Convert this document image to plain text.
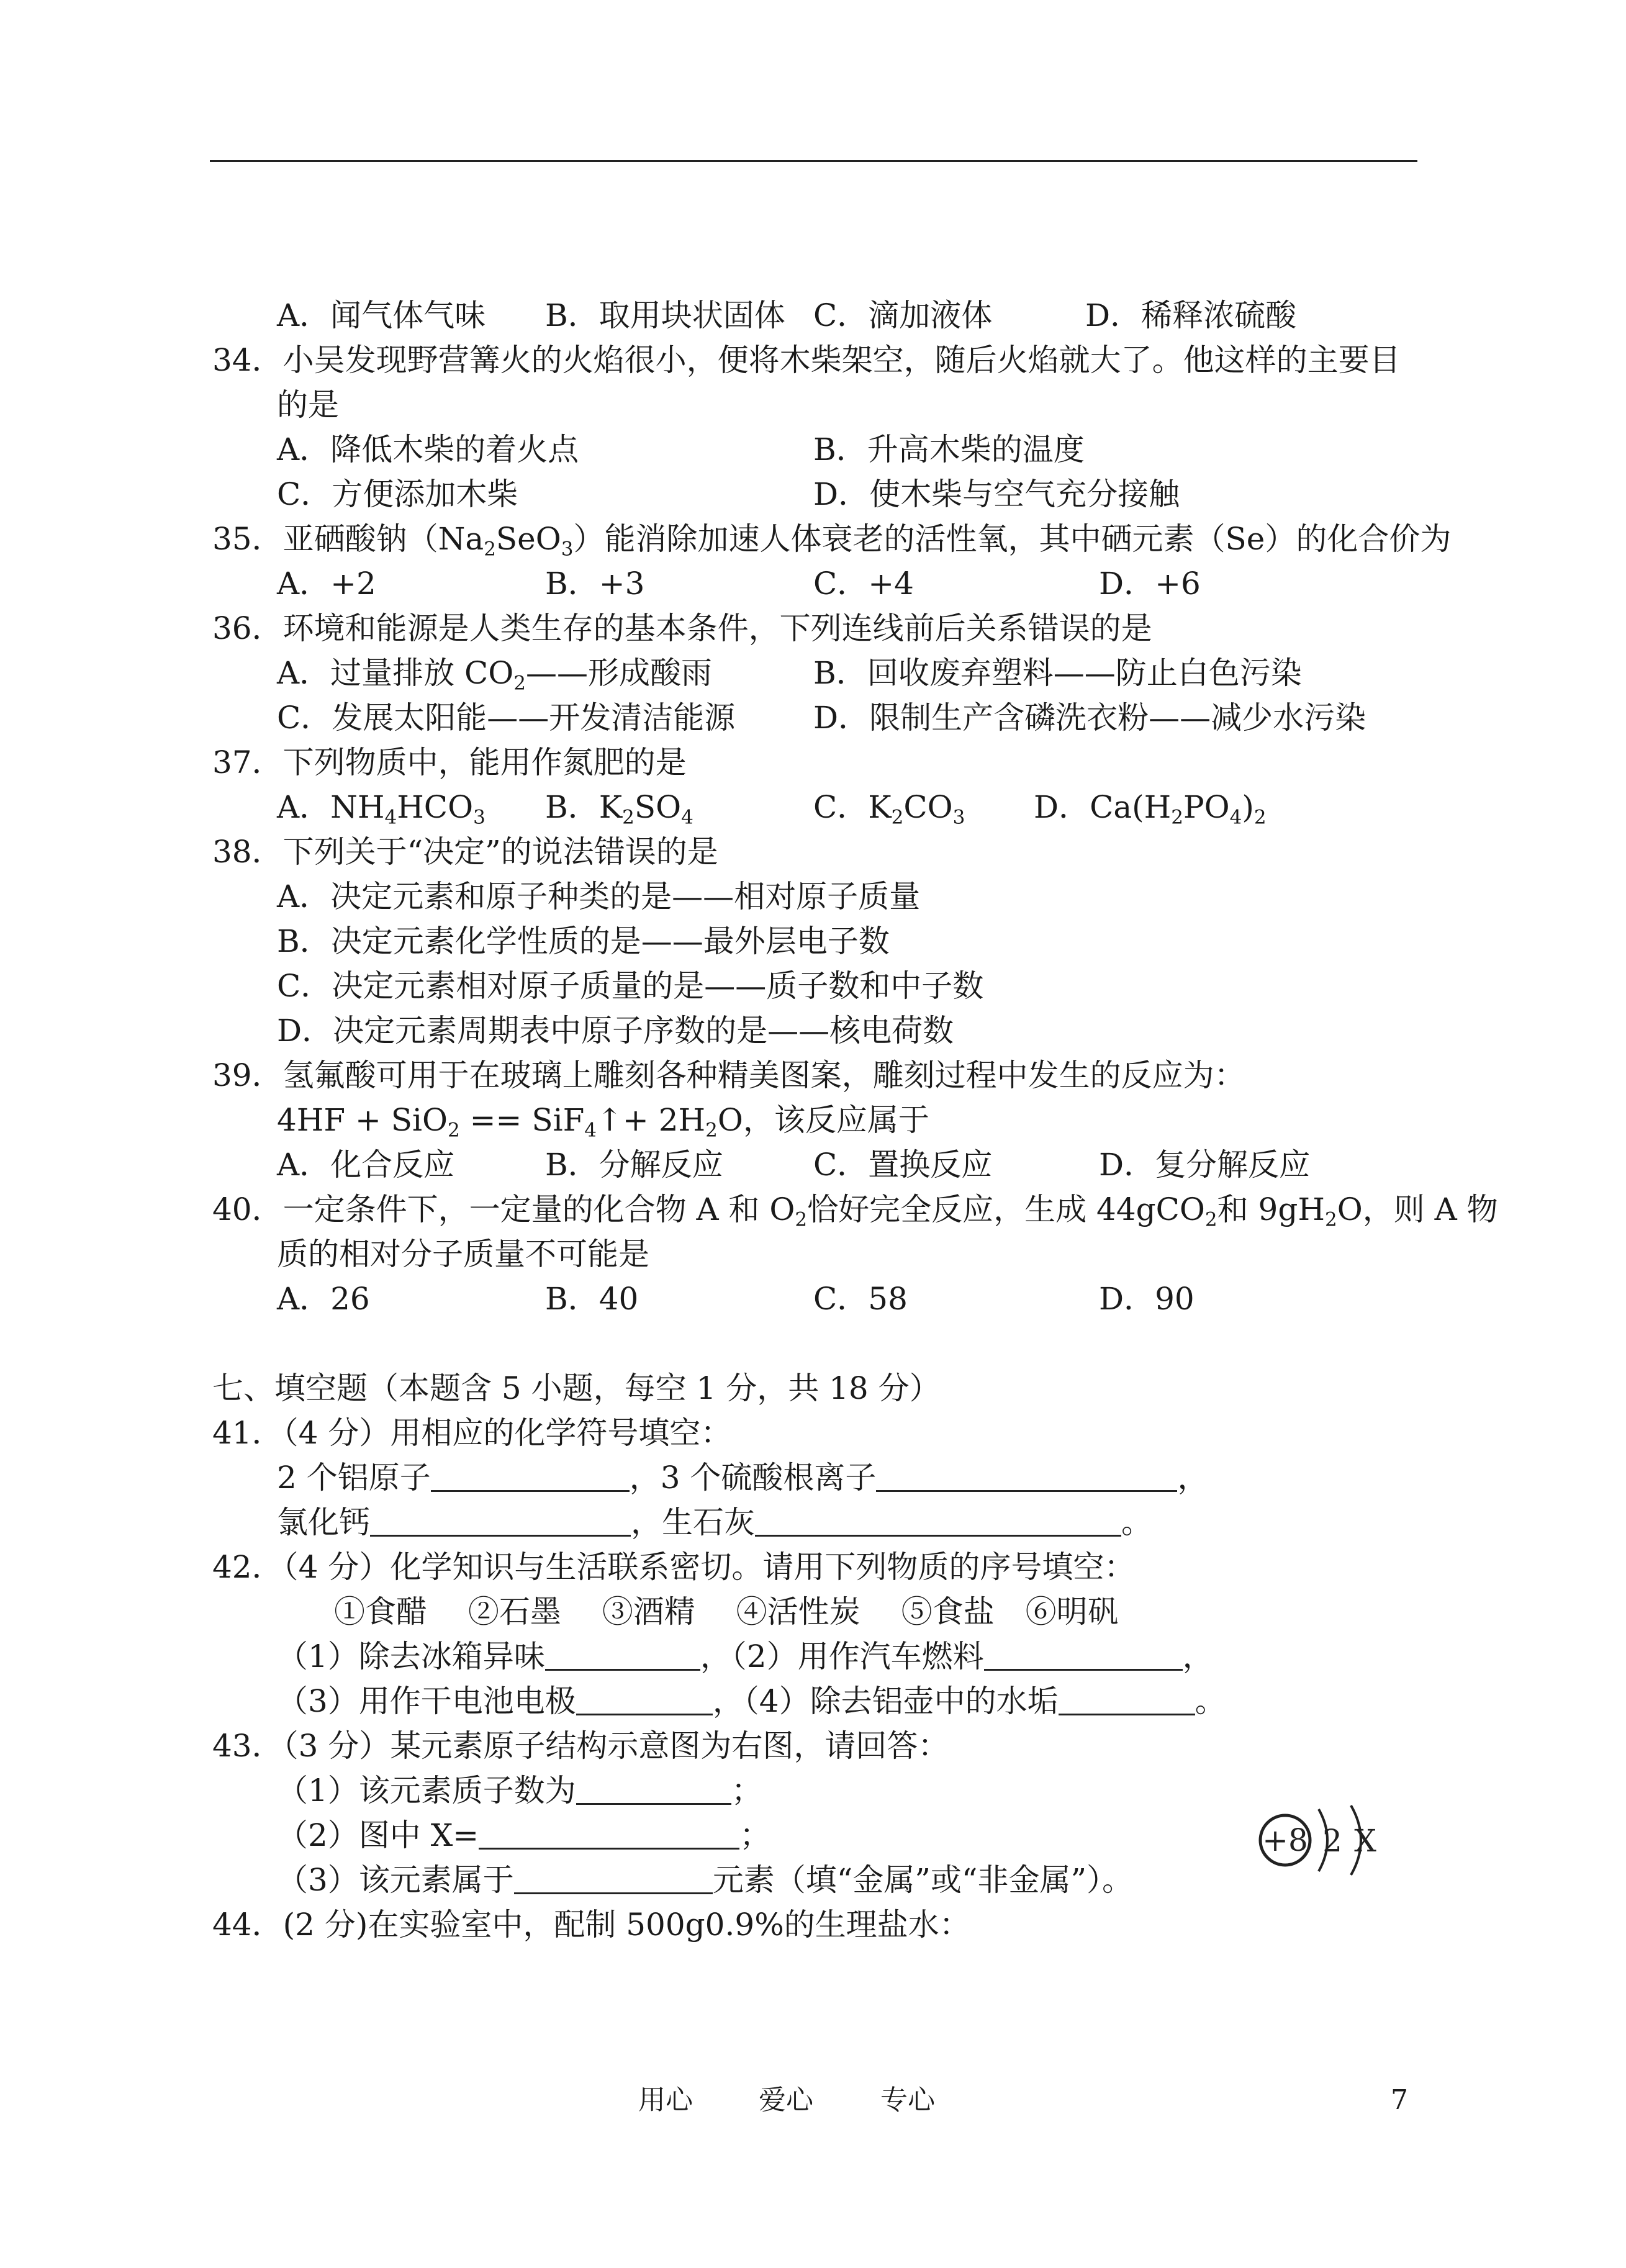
A．闻气体气味 B．取用块状固体 C．滴加液体	D．稀释浓硫酸
34．小吴发现野营篝火的火焰很小，便将木柴架空，随后火焰就大了。他这样的主要目
的是
A．降低木柴的着火点	B．升高木柴的温度
C．方便添加木柴	D．使木柴与空气充分接触
35．亚硒酸钠$(Na_2SeO_3)$能消除加速人体衰老的活性氧，其中硒元素（Se）的化合价为
A．+2	B．+3	C．+4	D．+6
36．环境和能源是人类生存的基本条件，下列连线前后关系错误的是
A．过量排放 $CO_2——$形成酸雨	B．回收废弃塑料——防止白色污染
C．发展太阳能——开发清洁能源	D．限制生产含磷洗衣粉——减少水污染
37．下列物质中，能用作氮肥的是
A．$NH_4HCO_3$ B．$K_2SO_4$	C．$K_2CO_3$ D．$Ca(H_2PO_4)_2$
38．下列关于“决定”的说法错误的是
A．决定元素和原子种类的是——相对原子质量
B．决定元素化学性质的是——最外层电子数
C．决定元素相对原子质量的是——质子数和中子数
D．决定元素周期表中原子序数的是——核电荷数
39．氢氟酸可用于在玻璃上雕刻各种精美图案，雕刻过程中发生的反应为：
4HF + SiO$_2$ == SiF$_4$↑+ $2H_2O$，该反应属于
A．化合反应	B．分解反应	C．置换反应	D．复分解反应
40．一定条件下，一定量的化合物 A 和 $O_2$恰好完全反应，生成 44gCO$_2$和 $9gH_2O$，则 A 物
质的相对分子质量不可能是
A．26	B．40	C．58	D．90
七、填空题（本题含 5 小题，每空 1 分，共 18 分）
41．（4 分）用相应的化学符号填空：
2 个铝原子	，3 个硫酸根离子	，
氯化钙	，生石灰	。
42．（4 分）化学知识与生活联系密切。请用下列物质的序号填空：
①食醋　 ②石墨　 ③酒精　 ④活性炭　 ⑤食盐　⑥明矾
（1）除去冰箱异味	，（2）用作汽车燃料	，
（3）用作干电池电极	，（4）除去铝壶中的水垢	。
43．（3 分）某元素原子结构示意图为右图，请回答：
（1）该元素质子数为	；
（2）图中 X=	；
（3）该元素属于	元素（填“金属”或“非金属”）。
+8 2 X
44．(2 分)在实验室中，配制 500g0.9%的生理盐水：
用心 爱心 专心	7
